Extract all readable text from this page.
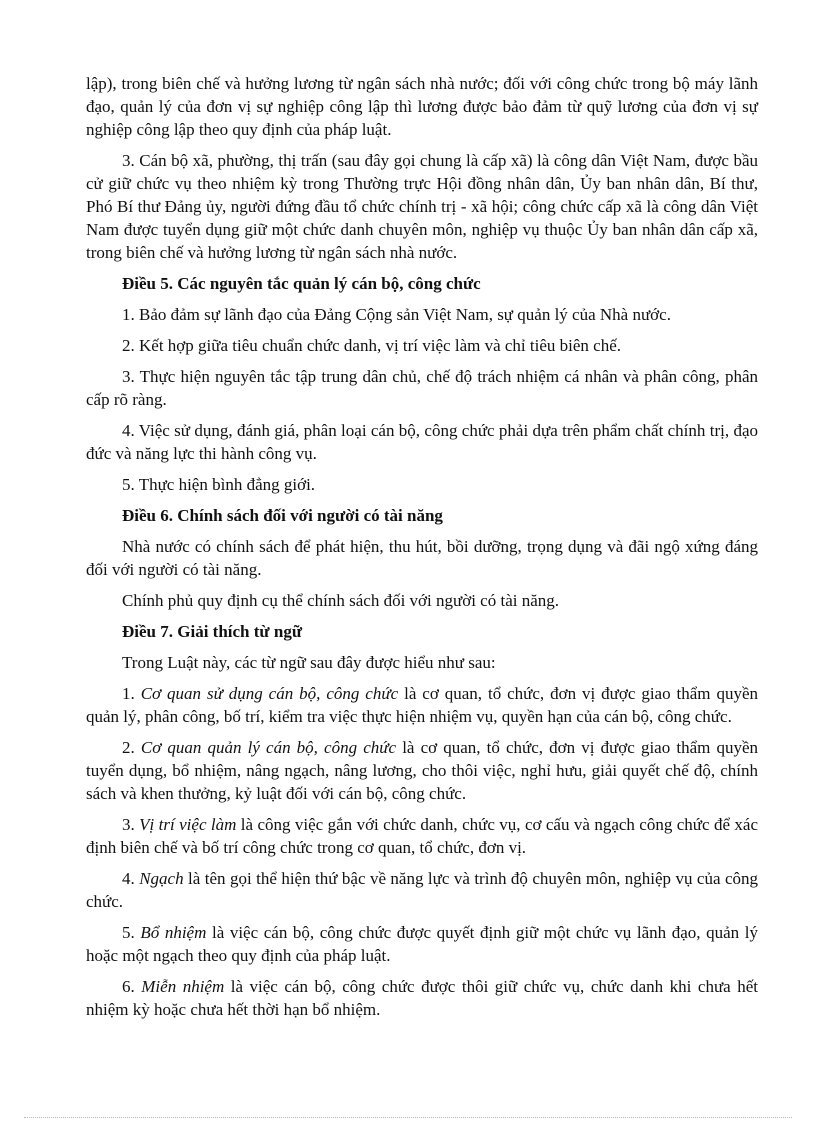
lập), trong biên chế và hưởng lương từ ngân sách nhà nước; đối với công chức trong bộ máy lãnh đạo, quản lý của đơn vị sự nghiệp công lập thì lương được bảo đảm từ quỹ lương của đơn vị sự nghiệp công lập theo quy định của pháp luật.

3. Cán bộ xã, phường, thị trấn (sau đây gọi chung là cấp xã) là công dân Việt Nam, được bầu cử giữ chức vụ theo nhiệm kỳ trong Thường trực Hội đồng nhân dân, Ủy ban nhân dân, Bí thư, Phó Bí thư Đảng ủy, người đứng đầu tổ chức chính trị - xã hội; công chức cấp xã là công dân Việt Nam được tuyển dụng giữ một chức danh chuyên môn, nghiệp vụ thuộc Ủy ban nhân dân cấp xã, trong biên chế và hưởng lương từ ngân sách nhà nước.

Điều 5. Các nguyên tắc quản lý cán bộ, công chức

1. Bảo đảm sự lãnh đạo của Đảng Cộng sản Việt Nam, sự quản lý của Nhà nước.

2. Kết hợp giữa tiêu chuẩn chức danh, vị trí việc làm và chỉ tiêu biên chế.

3. Thực hiện nguyên tắc tập trung dân chủ, chế độ trách nhiệm cá nhân và phân công, phân cấp rõ ràng.

4. Việc sử dụng, đánh giá, phân loại cán bộ, công chức phải dựa trên phẩm chất chính trị, đạo đức và năng lực thi hành công vụ.

5. Thực hiện bình đẳng giới.

Điều 6. Chính sách đối với người có tài năng

Nhà nước có chính sách để phát hiện, thu hút, bồi dưỡng, trọng dụng và đãi ngộ xứng đáng đối với người có tài năng.

Chính phủ quy định cụ thể chính sách đối với người có tài năng.

Điều 7. Giải thích từ ngữ

Trong Luật này, các từ ngữ sau đây được hiểu như sau:

1. Cơ quan sử dụng cán bộ, công chức là cơ quan, tổ chức, đơn vị được giao thẩm quyền quản lý, phân công, bố trí, kiểm tra việc thực hiện nhiệm vụ, quyền hạn của cán bộ, công chức.

2. Cơ quan quản lý cán bộ, công chức là cơ quan, tổ chức, đơn vị được giao thẩm quyền tuyển dụng, bổ nhiệm, nâng ngạch, nâng lương, cho thôi việc, nghỉ hưu, giải quyết chế độ, chính sách và khen thưởng, kỷ luật đối với cán bộ, công chức.

3. Vị trí việc làm là công việc gắn với chức danh, chức vụ, cơ cấu và ngạch công chức để xác định biên chế và bố trí công chức trong cơ quan, tổ chức, đơn vị.

4. Ngạch là tên gọi thể hiện thứ bậc về năng lực và trình độ chuyên môn, nghiệp vụ của công chức.

5. Bổ nhiệm là việc cán bộ, công chức được quyết định giữ một chức vụ lãnh đạo, quản lý hoặc một ngạch theo quy định của pháp luật.

6. Miễn nhiệm là việc cán bộ, công chức được thôi giữ chức vụ, chức danh khi chưa hết nhiệm kỳ hoặc chưa hết thời hạn bổ nhiệm.
